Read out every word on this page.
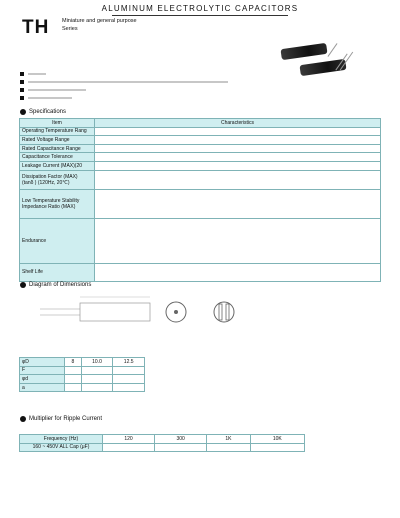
ALUMINUM ELECTROLYTIC CAPACITORS
TH Miniature and general purpose
Series
Specifications
Item	Characteristics
Operating Temperature Rang	
Rated Voltage Range	
Rated Capacitance Range	
Capacitance Tolerance	
Leakage Current (MAX)(20	

Dissipation Factor (MAX)
(tanδ ) (120Hz, 20℃)	

Low Temperature Stability
Impedance Ratio (MAX)	

Endurance	
Shelf Life	
Diagram of Dimensions
φD	8	10.0	12.5
F			
φd			
a			
Multiplier for Ripple Current
Frequency (Hz)	120	300	1K	10K
160 ~ 450V ALL Cap (μF)				
